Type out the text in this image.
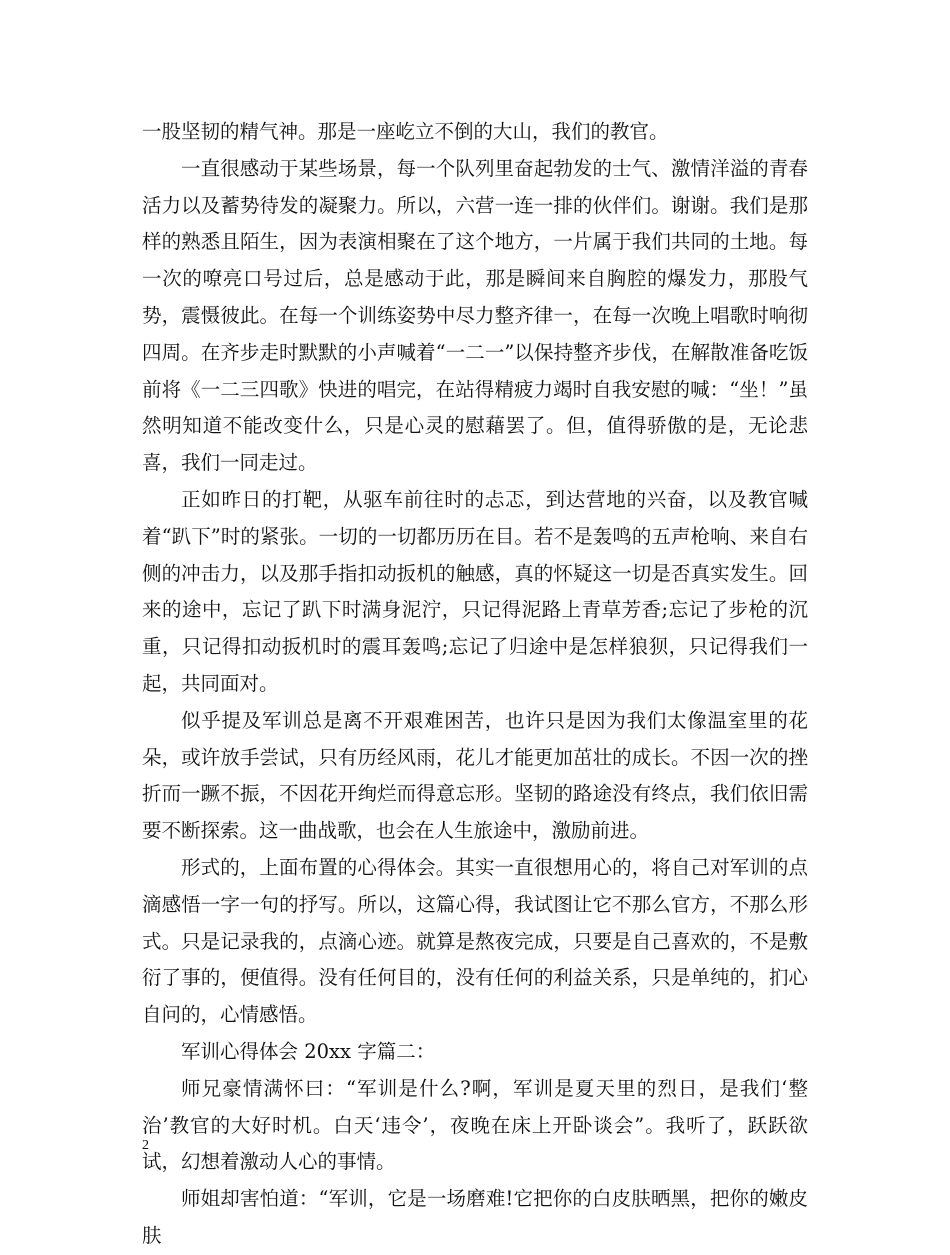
一股坚韧的精气神。那是一座屹立不倒的大山，我们的教官。

一直很感动于某些场景，每一个队列里奋起勃发的士气、激情洋溢的青春活力以及蓄势待发的凝聚力。所以，六营一连一排的伙伴们。谢谢。我们是那样的熟悉且陌生，因为表演相聚在了这个地方，一片属于我们共同的土地。每一次的嘹亮口号过后，总是感动于此，那是瞬间来自胸腔的爆发力，那股气势，震慑彼此。在每一个训练姿势中尽力整齐律一，在每一次晚上唱歌时响彻四周。在齐步走时默默的小声喊着“一二一”以保持整齐步伐，在解散准备吃饭前将《一二三四歌》快进的唱完，在站得精疲力竭时自我安慰的喊：“坐！”虽然明知道不能改变什么，只是心灵的慰藉罢了。但，值得骄傲的是，无论悲喜，我们一同走过。

正如昨日的打靶，从驱车前往时的忐忑，到达营地的兴奋，以及教官喊着“趴下”时的紧张。一切的一切都历历在目。若不是轰鸣的五声枪响、来自右侧的冲击力，以及那手指扣动扳机的触感，真的怀疑这一切是否真实发生。回来的途中，忘记了趴下时满身泥泞，只记得泥路上青草芳香;忘记了步枪的沉重，只记得扣动扳机时的震耳轰鸣;忘记了归途中是怎样狼狈，只记得我们一起，共同面对。

似乎提及军训总是离不开艰难困苦，也许只是因为我们太像温室里的花朵，或许放手尝试，只有历经风雨，花儿才能更加茁壮的成长。不因一次的挫折而一蹶不振，不因花开绚烂而得意忘形。坚韧的路途没有终点，我们依旧需要不断探索。这一曲战歌，也会在人生旅途中，激励前进。

形式的，上面布置的心得体会。其实一直很想用心的，将自己对军训的点滴感悟一字一句的抒写。所以，这篇心得，我试图让它不那么官方，不那么形式。只是记录我的，点滴心迹。就算是熬夜完成，只要是自己喜欢的，不是敷衍了事的，便值得。没有任何目的，没有任何的利益关系，只是单纯的，扪心自问的，心情感悟。

军训心得体会 20xx 字篇二：

师兄豪情满怀曰：“军训是什么?啊，军训是夏天里的烈日，是我们‘整治’教官的大好时机。白天‘违令’，夜晚在床上开卧谈会”。我听了，跃跃欲试，幻想着激动人心的事情。

师姐却害怕道：“军训，它是一场磨难!它把你的白皮肤晒黑，把你的嫩皮肤

2
